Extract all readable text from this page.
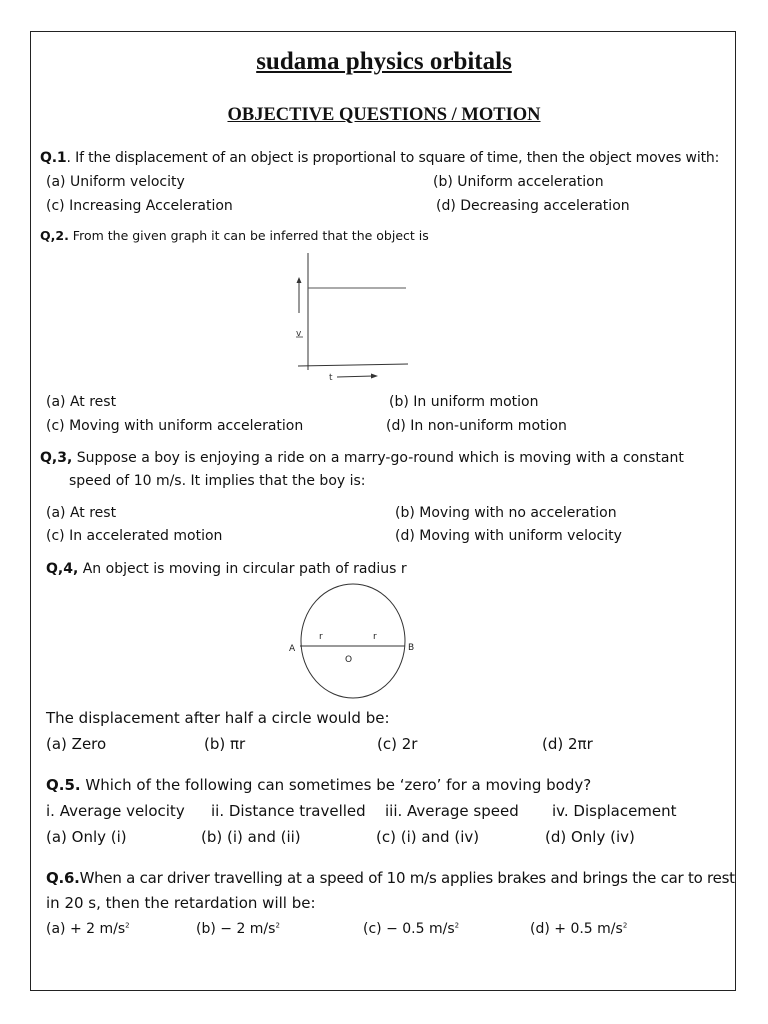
sudama physics orbitals
OBJECTIVE QUESTIONS / MOTION
Q.1. If the displacement of an object is proportional to square of time, then the object moves with:
(a) Uniform velocity	(b) Uniform acceleration
(c) Increasing Acceleration	(d) Decreasing acceleration
Q,2. From the given graph it can be inferred that the object is
v
t
(a) At rest	(b) In uniform motion
(c) Moving with uniform acceleration	(d) In non-uniform motion
Q,3, Suppose a boy is enjoying a ride on a marry-go-round which is moving with a constant
speed of 10 m/s. It implies that the boy is:
(a) At rest	(b) Moving with no acceleration
(c) In accelerated motion	(d) Moving with uniform velocity
Q,4, An object is moving in circular path of radius r
A	B
O
r	r
The displacement after half a circle would be:
(a) Zero	(b) πr	(c) 2r	(d) 2πr
Q.5. Which of the following can sometimes be ‘zero’ for a moving body?
i. Average velocity ii. Distance travelled iii. Average speed iv. Displacement
(a) Only (i)	(b) (i) and (ii)	(c) (i) and (iv)	(d) Only (iv)
Q.6.When a car driver travelling at a speed of 10 m/s applies brakes and brings the car to rest
in 20 s, then the retardation will be:
(a) + 2 $m/s^2$	(b) − 2 $m/s^2$	(c) − 0.5 $m/s^2$	(d) + 0.5 $m/s^2$
